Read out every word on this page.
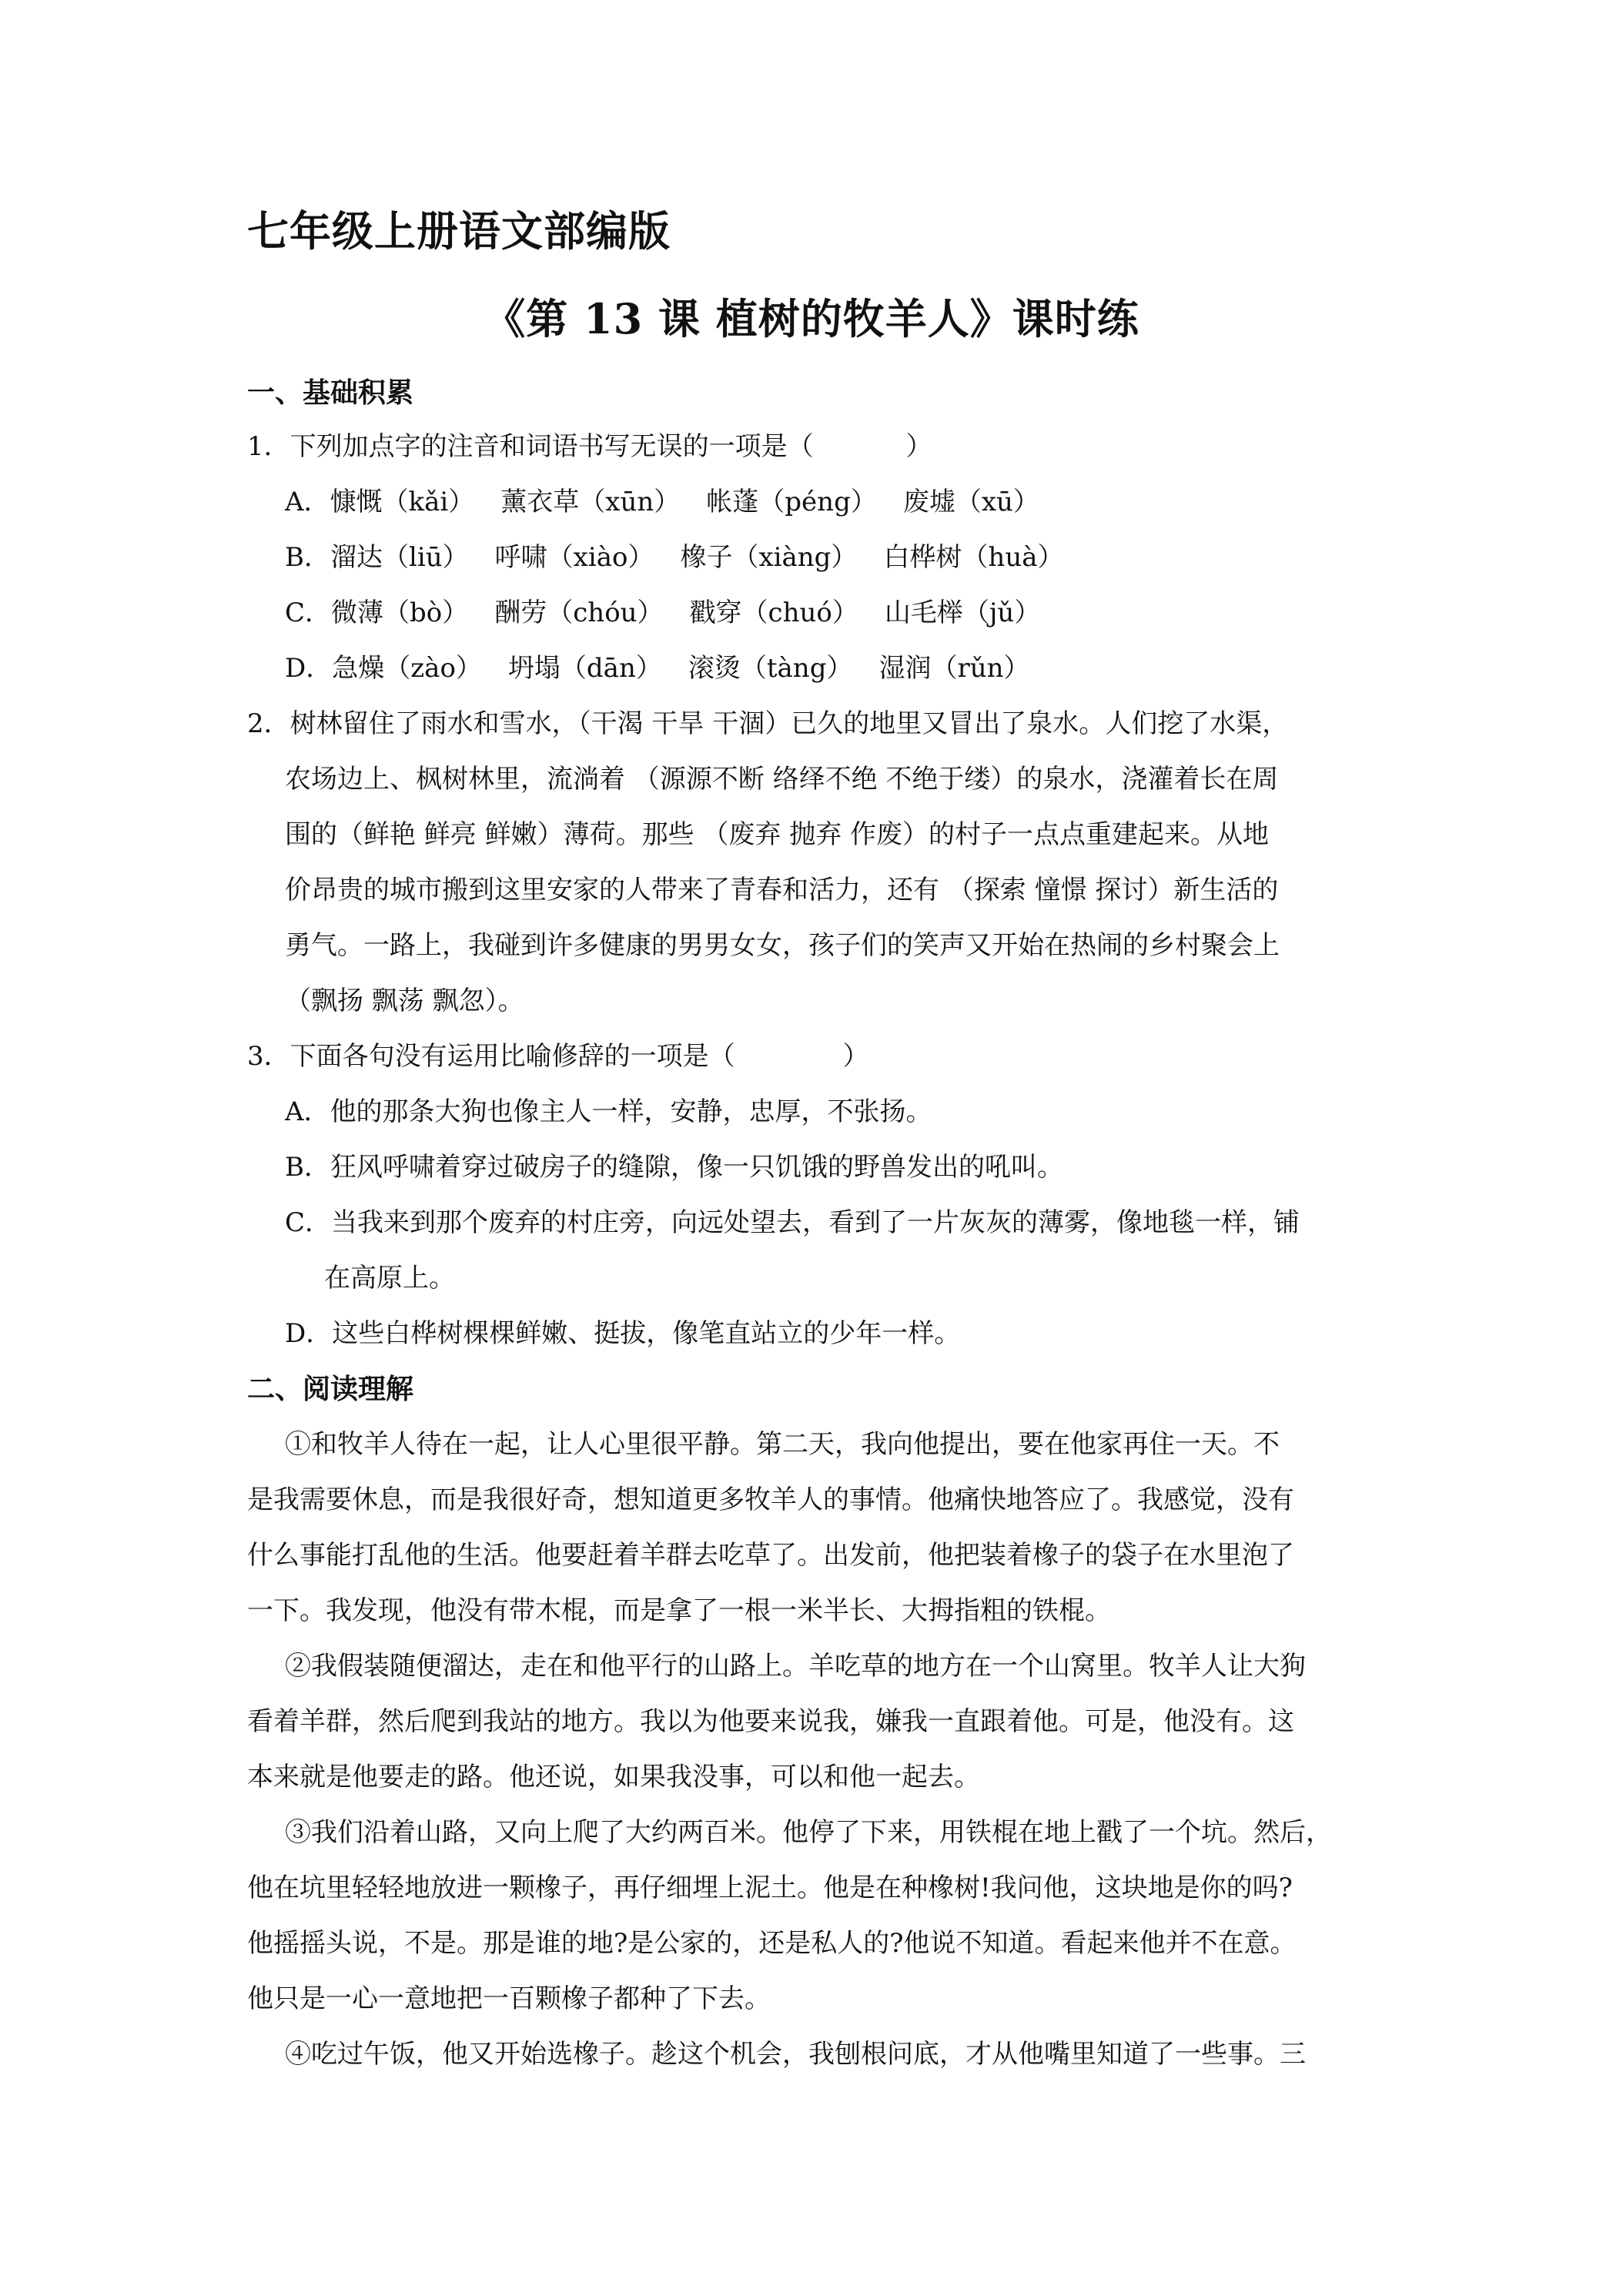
七年级上册语文部编版
《第 13 课 植树的牧羊人》课时练
一、基础积累
1．下列加点字的注音和词语书写无误的一项是（	）
A．慷慨（kǎi） 薰衣草（xūn） 帐蓬（péng） 废墟（xū）
B．溜达（liū） 呼啸（xiào） 橡子（xiàng） 白桦树（huà）
C．微薄（bò） 酬劳（chóu） 戳穿（chuó） 山毛榉（jǔ）
D．急燥（zào） 坍塌（dān） 滚烫（tàng） 湿润（rǔn）
2．树林留住了雨水和雪水，（干渴 干旱 干涸）已久的地里又冒出了泉水。人们挖了水渠，
农场边上、枫树林里，流淌着 （源源不断 络绎不绝 不绝于缕）的泉水，浇灌着长在周
围的（鲜艳 鲜亮 鲜嫩）薄荷。那些 （废弃 抛弃 作废）的村子一点点重建起来。从地
价昂贵的城市搬到这里安家的人带来了青春和活力，还有 （探索 憧憬 探讨）新生活的
勇气。一路上，我碰到许多健康的男男女女，孩子们的笑声又开始在热闹的乡村聚会上
（飘扬 飘荡 飘忽）。
3．下面各句没有运用比喻修辞的一项是（	）
A．他的那条大狗也像主人一样，安静，忠厚，不张扬。
B．狂风呼啸着穿过破房子的缝隙，像一只饥饿的野兽发出的吼叫。
C．当我来到那个废弃的村庄旁，向远处望去，看到了一片灰灰的薄雾，像地毯一样，铺
在高原上。
D．这些白桦树棵棵鲜嫩、挺拔，像笔直站立的少年一样。
二、阅读理解
①和牧羊人待在一起，让人心里很平静。第二天，我向他提出，要在他家再住一天。不
是我需要休息，而是我很好奇，想知道更多牧羊人的事情。他痛快地答应了。我感觉，没有
什么事能打乱他的生活。他要赶着羊群去吃草了。出发前，他把装着橡子的袋子在水里泡了
一下。我发现，他没有带木棍，而是拿了一根一米半长、大拇指粗的铁棍。
②我假装随便溜达，走在和他平行的山路上。羊吃草的地方在一个山窝里。牧羊人让大狗
看着羊群，然后爬到我站的地方。我以为他要来说我，嫌我一直跟着他。可是，他没有。这
本来就是他要走的路。他还说，如果我没事，可以和他一起去。
③我们沿着山路，又向上爬了大约两百米。他停了下来，用铁棍在地上戳了一个坑。然后，
他在坑里轻轻地放进一颗橡子，再仔细埋上泥土。他是在种橡树!我问他，这块地是你的吗?
他摇摇头说，不是。那是谁的地?是公家的，还是私人的?他说不知道。看起来他并不在意。
他只是一心一意地把一百颗橡子都种了下去。
④吃过午饭，他又开始选橡子。趁这个机会，我刨根问底，才从他嘴里知道了一些事。三
